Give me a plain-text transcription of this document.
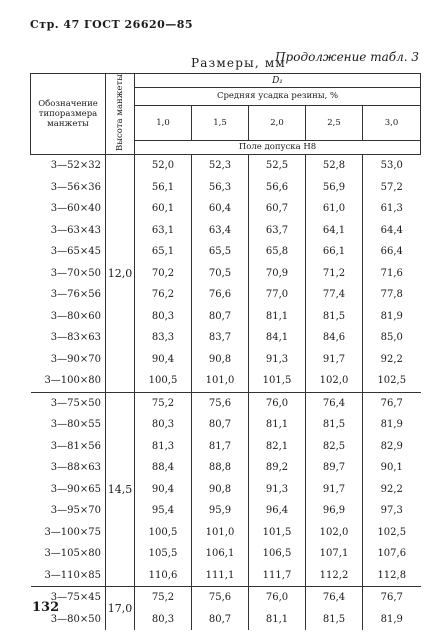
Стр. 47 ГОСТ 26620—85
Продолжение табл. 3
Размеры, мм
Обозначение типоразмера манжеты	Высота манжеты	D₁				
		Средняя усадка резины, %				
		1,0	1,5	2,0	2,5	3,0
		Поле допуска H8				
3—52×32	12,0	52,0	52,3	52,5	52,8	53,0
3—56×36		56,1	56,3	56,6	56,9	57,2
3—60×40		60,1	60,4	60,7	61,0	61,3
3—63×43		63,1	63,4	63,7	64,1	64,4
3—65×45		65,1	65,5	65,8	66,1	66,4
3—70×50		70,2	70,5	70,9	71,2	71,6
3—76×56		76,2	76,6	77,0	77,4	77,8
3—80×60		80,3	80,7	81,1	81,5	81,9
3—83×63		83,3	83,7	84,1	84,6	85,0
3—90×70		90,4	90,8	91,3	91,7	92,2
3—100×80		100,5	101,0	101,5	102,0	102,5
3—75×50	14,5	75,2	75,6	76,0	76,4	76,7
3—80×55		80,3	80,7	81,1	81,5	81,9
3—81×56		81,3	81,7	82,1	82,5	82,9
3—88×63		88,4	88,8	89,2	89,7	90,1
3—90×65		90,4	90,8	91,3	91,7	92,2
3—95×70		95,4	95,9	96,4	96,9	97,3
3—100×75		100,5	101,0	101,5	102,0	102,5
3—105×80		105,5	106,1	106,5	107,1	107,6
3—110×85		110,6	111,1	111,7	112,2	112,8
3—75×45	17,0	75,2	75,6	76,0	76,4	76,7
3—80×50		80,3	80,7	81,1	81,5	81,9
132
